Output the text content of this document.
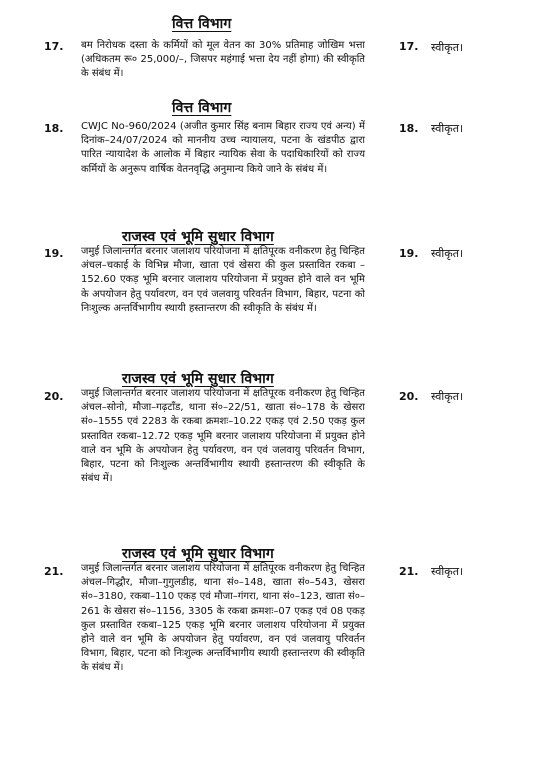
वित्त विभाग
17. बम निरोधक दस्ता के कर्मियों को मूल वेतन का 30% प्रतिमाह जोखिम भत्ता (अधिकतम रू० 25,000/–, जिसपर महंगाई भत्ता देय नहीं होगा) की स्वीकृति के संबंध में।
17. स्वीकृत।
वित्त विभाग
18. CWJC No-960/2024 (अजीत कुमार सिंह बनाम बिहार राज्य एवं अन्य) में दिनांक–24/07/2024 को माननीय उच्च न्यायालय, पटना के खंडपीठ द्वारा पारित न्यायादेश के आलोक में बिहार न्यायिक सेवा के पदाधिकारियों को राज्य कर्मियों के अनुरूप वार्षिक वेतनवृद्धि अनुमान्य किये जाने के संबंध में।
18. स्वीकृत।
राजस्व एवं भूमि सुधार विभाग
19. जमुई जिलान्तर्गत बरनार जलाशय परियोजना में क्षतिपूरक वनीकरण हेतु चिन्हित अंचल–चकाई के विभिन्न मौजा, खाता एवं खेसरा की कुल प्रस्तावित रकबा –152.60 एकड़ भूमि बरनार जलाशय परियोजना में प्रयुक्त होने वाले वन भूमि के अपयोजन हेतु पर्यावरण, वन एवं जलवायु परिवर्तन विभाग, बिहार, पटना को निःशुल्क अन्तर्विभागीय स्थायी हस्तान्तरण की स्वीकृति के संबंध में।
19. स्वीकृत।
राजस्व एवं भूमि सुधार विभाग
20. जमुई जिलान्तर्गत बरनार जलाशय परियोजना में क्षतिपूरक वनीकरण हेतु चिन्हित अंचल–सोनो, मौजा–गढ़टाँड, थाना सं०–22/51, खाता सं०–178 के खेसरा सं०–1555 एवं 2283 के रकबा क्रमशः–10.22 एकड़ एवं 2.50 एकड़ कुल प्रस्तावित रकबा–12.72 एकड़ भूमि बरनार जलाशय परियोजना में प्रयुक्त होने वाले वन भूमि के अपयोजन हेतु पर्यावरण, वन एवं जलवायु परिवर्तन विभाग, बिहार, पटना को निःशुल्क अन्तर्विभागीय स्थायी हस्तान्तरण की स्वीकृति के संबंध में।
20. स्वीकृत।
राजस्व एवं भूमि सुधार विभाग
21. जमुई जिलान्तर्गत बरनार जलाशय परियोजना में क्षतिपूरक वनीकरण हेतु चिन्हित अंचल–गिद्धौर, मौजा–गुगुलडीह, थाना सं०–148, खाता सं०–543, खेसरा सं०–3180, रकबा–110 एकड़ एवं मौजा–गंगरा, थाना सं०–123, खाता सं०–261 के खेसरा सं०–1156, 3305 के रकबा क्रमशः–07 एकड़ एवं 08 एकड़ कुल प्रस्तावित रकबा–125 एकड़ भूमि बरनार जलाशय परियोजना में प्रयुक्त होने वाले वन भूमि के अपयोजन हेतु पर्यावरण, वन एवं जलवायु परिवर्तन विभाग, बिहार, पटना को निःशुल्क अन्तर्विभागीय स्थायी हस्तान्तरण की स्वीकृति के संबंध में।
21. स्वीकृत।
